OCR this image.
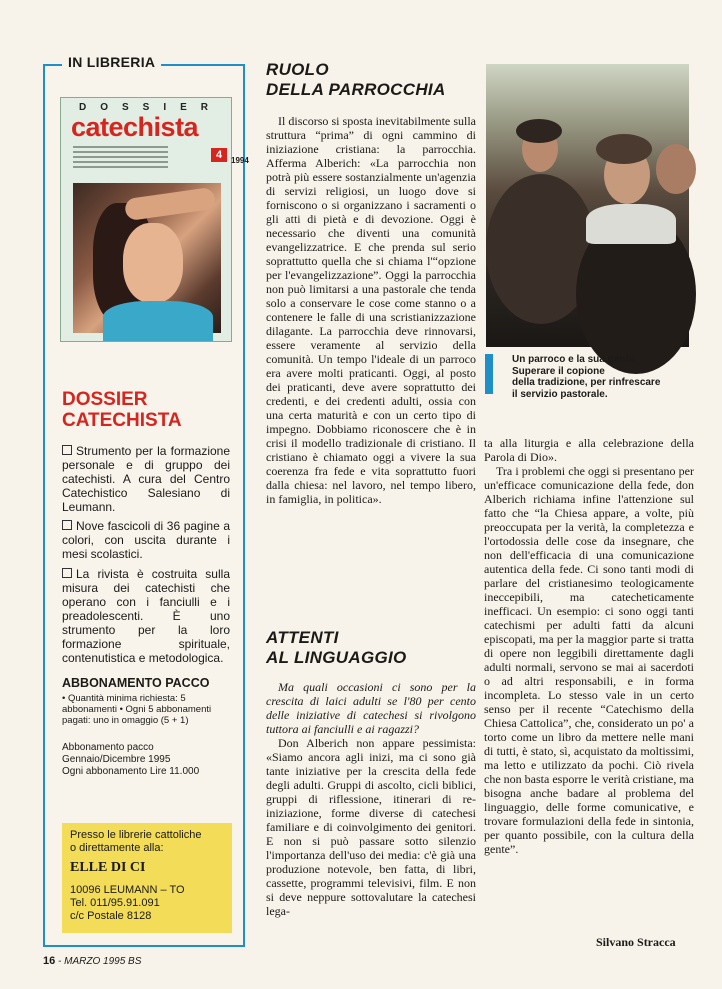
IN LIBRERIA
DOSSIER
catechista
4	1994
DOSSIER
CATECHISTA
Strumento per la formazione personale e di gruppo dei catechisti. A cura del Centro Catechistico Salesiano di Leumann.
Nove fascicoli di 36 pagine a colori, con uscita durante i mesi scolastici.
La rivista è costruita sulla misura dei catechisti che operano con i fanciulli e i preadolescenti. È uno strumento per la loro formazione spirituale, contenutistica e metodologica.
ABBONAMENTO PACCO
• Quantità minima richiesta: 5 abbonamenti • Ogni 5 abbonamenti pagati: uno in omaggio (5 + 1)
Abbonamento pacco
Gennaio/Dicembre 1995
Ogni abbonamento Lire 11.000
Presso le librerie cattoliche
o direttamente alla:
ELLE DI CI
10096 LEUMANN – TO
Tel. 011/95.91.091
c/c Postale 8128
16 - MARZO 1995 BS
RUOLO
DELLA PARROCCHIA

Il discorso si sposta inevitabilmente sulla struttura “prima” di ogni cammino di iniziazione cristiana: la parrocchia. Afferma Alberich: «La parrocchia non potrà più essere sostanzialmente un'agenzia di servizi religiosi, un luogo dove si forniscono o si organizzano i sacramenti o gli atti di pietà e di devozione. Oggi è necessario che diventi una comunità evangelizzatrice. E che prenda sul serio soprattutto quella che si chiama l'“opzione per l'evangelizzazione”. Oggi la parrocchia non può limitarsi a una pastorale che tenda solo a conservare le cose come stanno o a contenere le falle di una scristianizzazione dilagante. La parrocchia deve rinnovarsi, essere veramente al servizio della comunità. Un tempo l'ideale di un parroco era avere molti praticanti. Oggi, al posto dei praticanti, deve avere soprattutto dei credenti, e dei credenti adulti, ossia con una certa maturità e con un certo tipo di impegno. Dobbiamo riconoscere che è in crisi il modello tradizionale di cristiano. Il cristiano è chiamato oggi a vivere la sua coerenza fra fede e vita soprattutto fuori dalla chiesa: nel lavoro, nel tempo libero, in famiglia, in politica».

ATTENTI
AL LINGUAGGIO

Ma quali occasioni ci sono per la crescita di laici adulti se l'80 per cento delle iniziative di catechesi si rivolgono tuttora ai fanciulli e ai ragazzi?

Don Alberich non appare pessimista: «Siamo ancora agli inizi, ma ci sono già tante iniziative per la crescita della fede degli adulti. Gruppi di ascolto, cicli biblici, gruppi di riflessione, itinerari di re-iniziazione, forme diverse di catechesi familiare e di coinvolgimento dei genitori. E non si può passare sotto silenzio l'importanza dell'uso dei media: c'è già una produzione notevole, ben fatta, di libri, cassette, programmi televisivi, film. E non si deve neppure sottovalutare la catechesi lega-

Un parroco e la sua gente.
Superare il copione
della tradizione, per rinfrescare
il servizio pastorale.

ta alla liturgia e alla celebrazione della Parola di Dio».

Tra i problemi che oggi si presentano per un'efficace comunicazione della fede, don Alberich richiama infine l'attenzione sul fatto che “la Chiesa appare, a volte, più preoccupata per la verità, la completezza e l'ortodossia delle cose da insegnare, che non dell'efficacia di una comunicazione autentica della fede. Ci sono tanti modi di parlare del cristianesimo teologicamente ineccepibili, ma catecheticamente inefficaci. Un esempio: ci sono oggi tanti catechismi per adulti fatti da alcuni episcopati, ma per la maggior parte si tratta di opere non leggibili direttamente dagli adulti normali, servono se mai ai sacerdoti o ad altri responsabili, e in forma incompleta. Lo stesso vale in un certo senso per il recente “Catechismo della Chiesa Cattolica”, che, considerato un po' a torto come un libro da mettere nelle mani di tutti, è stato, sì, acquistato da moltissimi, ma letto e utilizzato da pochi. Ciò rivela che non basta esporre le verità cristiane, ma bisogna anche badare al problema del linguaggio, delle forme comunicative, e trovare formulazioni della fede in sintonia, per quanto possibile, con la cultura della gente”.

Silvano Stracca
